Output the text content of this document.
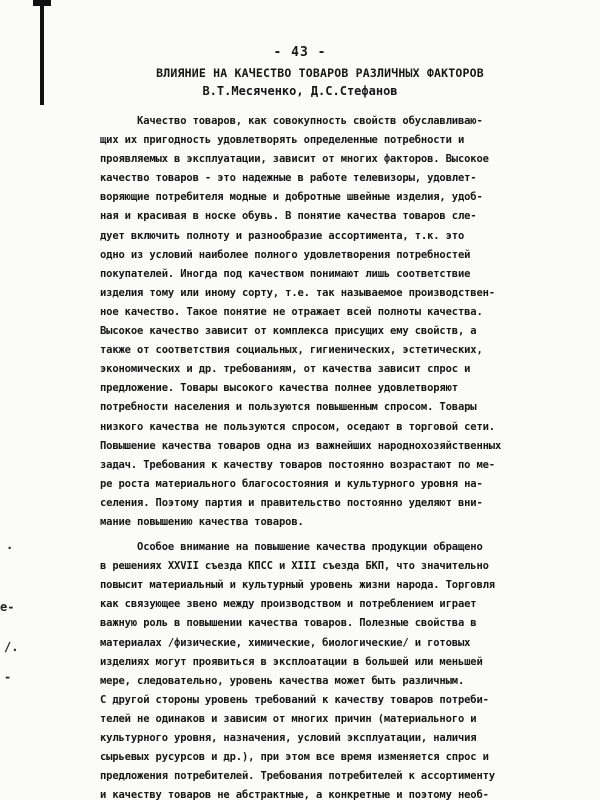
.
e-
/.
-
- 43 -
ВЛИЯНИЕ НА КАЧЕСТВО ТОВАРОВ РАЗЛИЧНЫХ ФАКТОРОВ
В.Т.Месяченко, Д.С.Стефанов
Качество товаров, как совокупность свойств обуславливаю-
щих их пригодность удовлетворять определенные потребности и
проявляемых в эксплуатации, зависит от многих факторов. Высокое
качество товаров - это надежные в работе телевизоры, удовлет-
воряющие потребителя модные и добротные швейные изделия, удоб-
ная и красивая в носке обувь. В понятие качества товаров сле-
дует включить полноту и разнообразие ассортимента, т.к. это
одно из условий наиболее полного удовлетворения потребностей
покупателей. Иногда под качеством понимают лишь соответствие
изделия тому или иному сорту, т.е. так называемое производствен-
ное качество. Такое понятие не отражает всей полноты качества.
Высокое качество зависит от комплекса присущих ему свойств, а
также от соответствия социальных, гигиенических, эстетических,
экономических и др. требованиям, от качества зависит спрос и
предложение. Товары высокого качества полнее удовлетворяют
потребности населения и пользуются повышенным спросом. Товары
низкого качества не пользуются спросом, оседают в торговой сети.
Повышение качества товаров одна из важнейших народнохозяйственных
задач. Требования к качеству товаров постоянно возрастают по ме-
ре роста материального благосостояния и культурного уровня на-
селения. Поэтому партия и правительство постоянно уделяют вни-
мание повышению качества товаров.
Особое внимание на повышение качества продукции обращено
в решениях XXVII съезда КПСС и XIII съезда БКП, что значительно
повысит материальный и культурный уровень жизни народа. Торговля
как связующее звено между производством и потреблением играет
важную роль в повышении качества товаров. Полезные свойства в
материалах /физические, химические, биологические/ и готовых
изделиях могут проявиться в эксплоатации в большей или меньшей
мере, следовательно, уровень качества может быть различным.
С другой стороны уровень требований к качеству товаров потреби-
телей не одинаков и зависим от многих причин (материального и
культурного уровня, назначения, условий эксплуатации, наличия
сырьевых русурсов и др.), при этом все время изменяется спрос и
предложения потребителей. Требования потребителей к ассортименту
и качеству товаров не абстрактные, а конкретные и поэтому необ-
